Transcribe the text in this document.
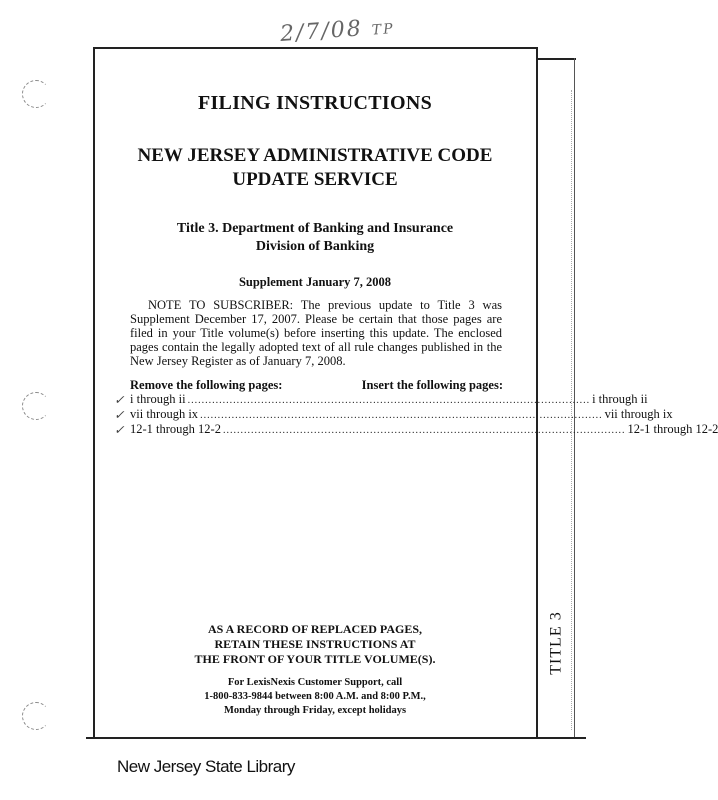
2/7/08 TP
TITLE 3
FILING INSTRUCTIONS
NEW JERSEY ADMINISTRATIVE CODE
UPDATE SERVICE
Title 3. Department of Banking and Insurance
Division of Banking
Supplement January 7, 2008
NOTE TO SUBSCRIBER: The previous update to Title 3 was Supplement December 17, 2007. Please be certain that those pages are filed in your Title volume(s) before inserting this update. The enclosed pages contain the legally adopted text of all rule changes published in the New Jersey Register as of January 7, 2008.
Remove the following pages:	Insert the following pages:
✓ i through ii ................................................................................................................... i through ii
✓ vii through ix ................................................................................................................... vii through ix
✓ 12-1 through 12-2 ................................................................................................................... 12-1 through 12-2
AS A RECORD OF REPLACED PAGES,
RETAIN THESE INSTRUCTIONS AT
THE FRONT OF YOUR TITLE VOLUME(S).
For LexisNexis Customer Support, call
1-800-833-9844 between 8:00 A.M. and 8:00 P.M.,
Monday through Friday, except holidays
New Jersey State Library
